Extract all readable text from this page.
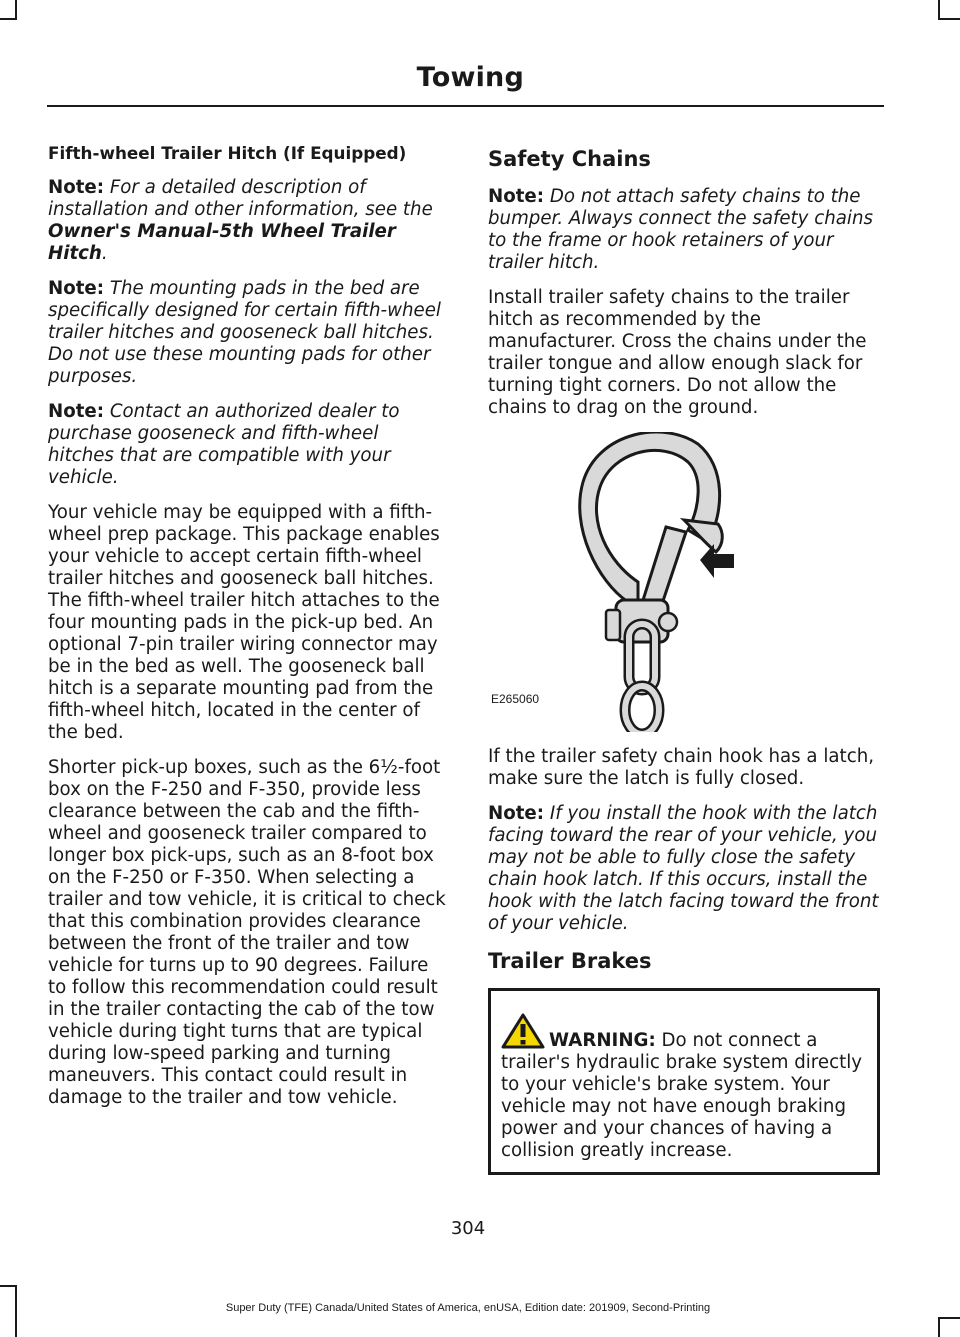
Towing
Fifth-wheel Trailer Hitch (If Equipped)

Note: For a detailed description of installation and other information, see the Owner's Manual-5th Wheel Trailer Hitch.

Note: The mounting pads in the bed are specifically designed for certain fifth-wheel trailer hitches and gooseneck ball hitches. Do not use these mounting pads for other purposes.

Note: Contact an authorized dealer to purchase gooseneck and fifth-wheel hitches that are compatible with your vehicle.

Your vehicle may be equipped with a fifth-wheel prep package. This package enables your vehicle to accept certain fifth-wheel trailer hitches and gooseneck ball hitches. The fifth-wheel trailer hitch attaches to the four mounting pads in the pick-up bed. An optional 7-pin trailer wiring connector may be in the bed as well. The gooseneck ball hitch is a separate mounting pad from the fifth-wheel hitch, located in the center of the bed.

Shorter pick-up boxes, such as the 6½-foot box on the F-250 and F-350, provide less clearance between the cab and the fifth-wheel and gooseneck trailer compared to longer box pick-ups, such as an 8-foot box on the F-250 or F-350. When selecting a trailer and tow vehicle, it is critical to check that this combination provides clearance between the front of the trailer and tow vehicle for turns up to 90 degrees. Failure to follow this recommendation could result in the trailer contacting the cab of the tow vehicle during tight turns that are typical during low-speed parking and turning maneuvers. This contact could result in damage to the trailer and tow vehicle.

Safety Chains

Note: Do not attach safety chains to the bumper. Always connect the safety chains to the frame or hook retainers of your trailer hitch.

Install trailer safety chains to the trailer hitch as recommended by the manufacturer. Cross the chains under the trailer tongue and allow enough slack for turning tight corners. Do not allow the chains to drag on the ground.

E265060

If the trailer safety chain hook has a latch, make sure the latch is fully closed.

Note: If you install the hook with the latch facing toward the rear of your vehicle, you may not be able to fully close the safety chain hook latch. If this occurs, install the hook with the latch facing toward the front of your vehicle.

Trailer Brakes

WARNING: Do not connect a trailer's hydraulic brake system directly to your vehicle's brake system. Your vehicle may not have enough braking power and your chances of having a collision greatly increase.

304
Super Duty (TFE) Canada/United States of America, enUSA, Edition date: 201909, Second-Printing
